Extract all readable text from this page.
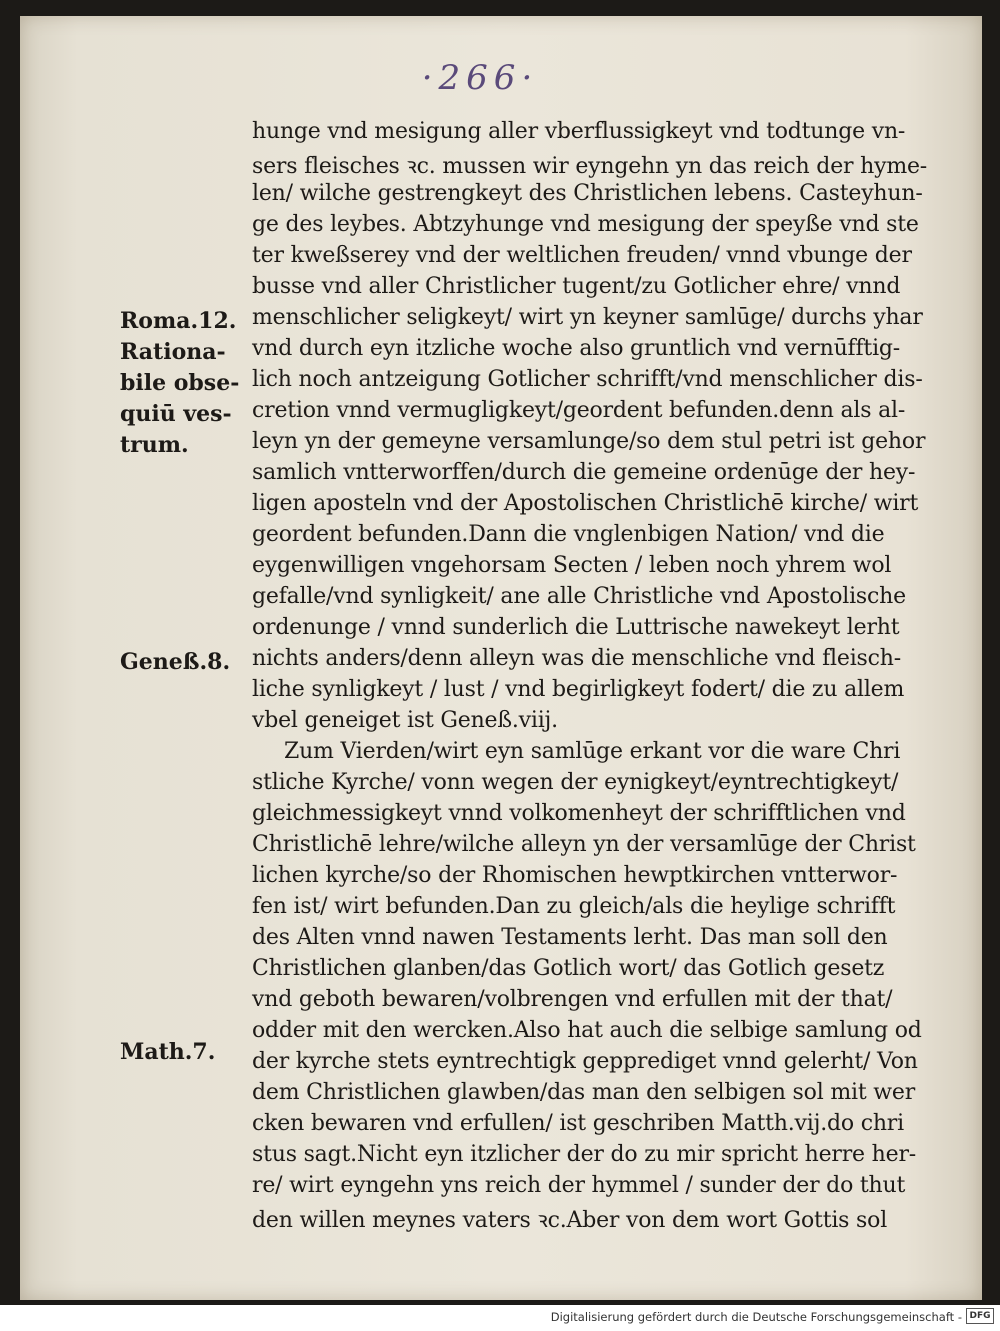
·266·
hunge vnd mesigung aller vberflussigkeyt vnd todtunge vn-
sers fleisches ꝛc. mussen wir eyngehn yn das reich der hyme-
len/ wilche gestrengkeyt des Christlichen lebens. Casteyhun-
ge des leybes. Abtzyhunge vnd mesigung der speyße vnd ste
ter kweßserey vnd der weltlichen freuden/ vnnd vbunge der
busse vnd aller Christlicher tugent/zu Gotlicher ehre/ vnnd
menschlicher seligkeyt/ wirt yn keyner samlūge/ durchs yhar
vnd durch eyn itzliche woche also gruntlich vnd vernūfftig-
lich noch antzeigung Gotlicher schrifft/vnd menschlicher dis-
cretion vnnd vermugligkeyt/geordent befunden.denn als al-
leyn yn der gemeyne versamlunge/so dem stul petri ist gehor
samlich vntterworffen/durch die gemeine ordenūge der hey-
ligen aposteln vnd der Apostolischen Christlichē kirche/ wirt
geordent befunden.Dann die vnglenbigen Nation/ vnd die
eygenwilligen vngehorsam Secten / leben noch yhrem wol
gefalle/vnd synligkeit/ ane alle Christliche vnd Apostolische
ordenunge / vnnd sunderlich die Luttrische nawekeyt lerht
nichts anders/denn alleyn was die menschliche vnd fleisch-
liche synligkeyt / lust / vnd begirligkeyt fodert/ die zu allem
vbel geneiget ist Geneß.viij.
Zum Vierden/wirt eyn samlūge erkant vor die ware Chri
stliche Kyrche/ vonn wegen der eynigkeyt/eyntrechtigkeyt/
gleichmessigkeyt vnnd volkomenheyt der schrifftlichen vnd
Christlichē lehre/wilche alleyn yn der versamlūge der Christ
lichen kyrche/so der Rhomischen hewptkirchen vntterwor-
fen ist/ wirt befunden.Dan zu gleich/als die heylige schrifft
des Alten vnnd nawen Testaments lerht. Das man soll den
Christlichen glanben/das Gotlich wort/ das Gotlich gesetz
vnd geboth bewaren/volbrengen vnd erfullen mit der that/
odder mit den wercken.Also hat auch die selbige samlung od
der kyrche stets eyntrechtigk gepprediget vnnd gelerht/ Von
dem Christlichen glawben/das man den selbigen sol mit wer
cken bewaren vnd erfullen/ ist geschriben Matth.vij.do chri
stus sagt.Nicht eyn itzlicher der do zu mir spricht herre her-
re/ wirt eyngehn yns reich der hymmel / sunder der do thut
den willen meynes vaters ꝛc.Aber von dem wort Gottis sol
Roma.12.
Rationa-
bile obse-
quiū ves-
trum.
Geneß.8.
Math.7.
Digitalisierung gefördert durch die Deutsche Forschungsgemeinschaft - DFG
